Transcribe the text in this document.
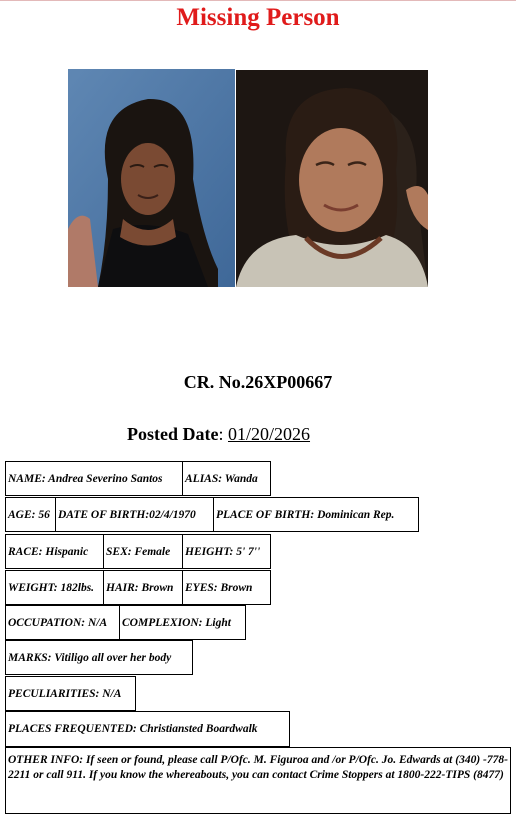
Missing Person
CR. No.26XP00667
Posted Date: 01/20/2026
NAME: Andrea Severino Santos	ALIAS: Wanda
AGE: 56 DATE OF BIRTH:02/4/1970	PLACE OF BIRTH: Dominican Rep.
RACE: Hispanic	SEX: Female	HEIGHT: 5' 7''
WEIGHT: 182lbs.	HAIR: Brown	EYES: Brown
OCCUPATION: N/A	COMPLEXION: Light
MARKS: Vitiligo all over her body
PECULIARITIES: N/A
PLACES FREQUENTED: Christiansted Boardwalk
OTHER INFO: If seen or found, please call P/Ofc. M. Figuroa and /or P/Ofc. Jo. Edwards at (340) -778-2211 or call 911. If you know the whereabouts, you can contact Crime Stoppers at 1800-222-TIPS (8477)
